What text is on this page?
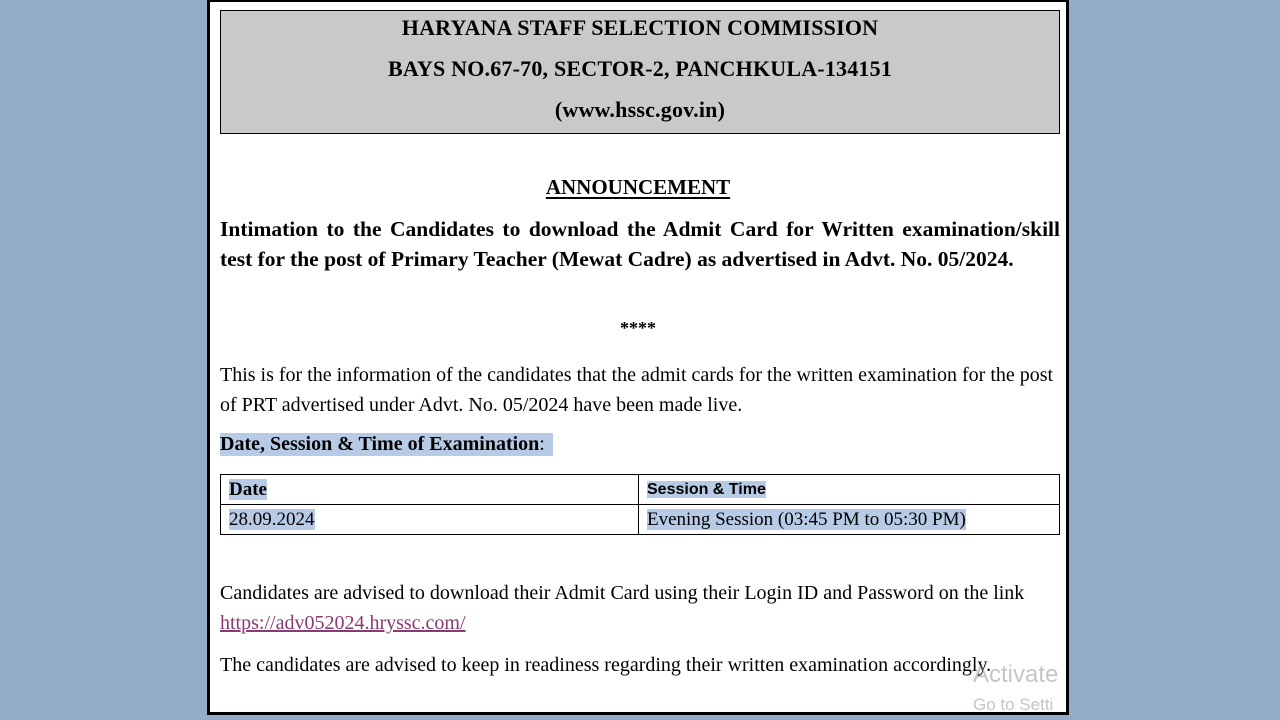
HARYANA STAFF SELECTION COMMISSION
BAYS NO.67-70, SECTOR-2, PANCHKULA-134151
(www.hssc.gov.in)
ANNOUNCEMENT
Intimation to the Candidates to download the Admit Card for Written examination/skill test for the post of Primary Teacher (Mewat Cadre) as advertised in Advt. No. 05/2024.
****
This is for the information of the candidates that the admit cards for the written examination for the post of PRT advertised under Advt. No. 05/2024 have been made live.
Date, Session & Time of Examination:
Date	Session & Time
28.09.2024	Evening Session (03:45 PM to 05:30 PM)
Candidates are advised to download their Admit Card using their Login ID and Password on the link https://adv052024.hryssc.com/
The candidates are advised to keep in readiness regarding their written examination accordingly.
Activate
Go to Setti
